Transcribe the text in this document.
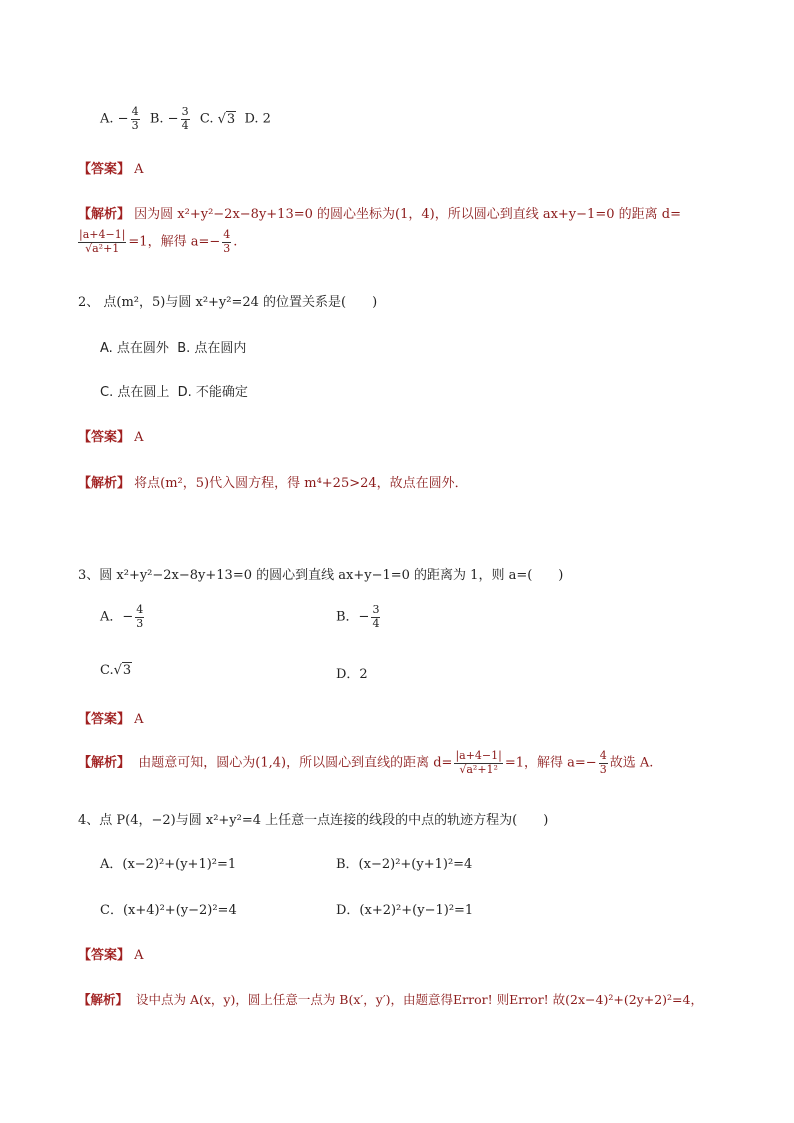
A. − $\frac{4}{3} B$. − $\frac{3}{4} C$. √3 D. 2
【答案】 A
【解析】 因为圆 x²+y²−2x−8y+13=0 的圆心坐标为(1，4)，所以圆心到直线 ax+y−1=0 的距离 d=
$\frac{|a+4-1|}{\text{√a²+1}} =1$，解得 $a=- \frac{4}{3}$ .
2、 点(m²，5)与圆 x²+y²=24 的位置关系是(　　)
A. 点在圆外 B. 点在圆内
C. 点在圆上 D. 不能确定
【答案】 A
【解析】 将点(m²，5)代入圆方程，得 m⁴+25>24，故点在圆外．
3、圆 x²+y²−2x−8y+13=0 的圆心到直线 ax+y−1=0 的距离为 1，则 a=(　　)
A．− $\frac{4}{3}$	B．− $\frac{3}{4}$
C.√3	D．2
【答案】 A
【解析】 由题意可知，圆心为(1,4)，所以圆心到直线的距离 $d= \frac{|a+4-1|}{\text{√a²+1²}} =1$，解得 $a=- \frac{4}{3}$ 故选 A.
4、点 P(4，−2)与圆 x²+y²=4 上任意一点连接的线段的中点的轨迹方程为(　　)
A．(x−2)²+(y+1)²=1	B．(x−2)²+(y+1)²=4
C．(x+4)²+(y−2)²=4	D．(x+2)²+(y−1)²=1
【答案】 A
【解析】 设中点为 A(x，y)，圆上任意一点为 B(x′，y′)，由题意得Error! 则Error! 故(2x−4)²+(2y+2)²=4，
